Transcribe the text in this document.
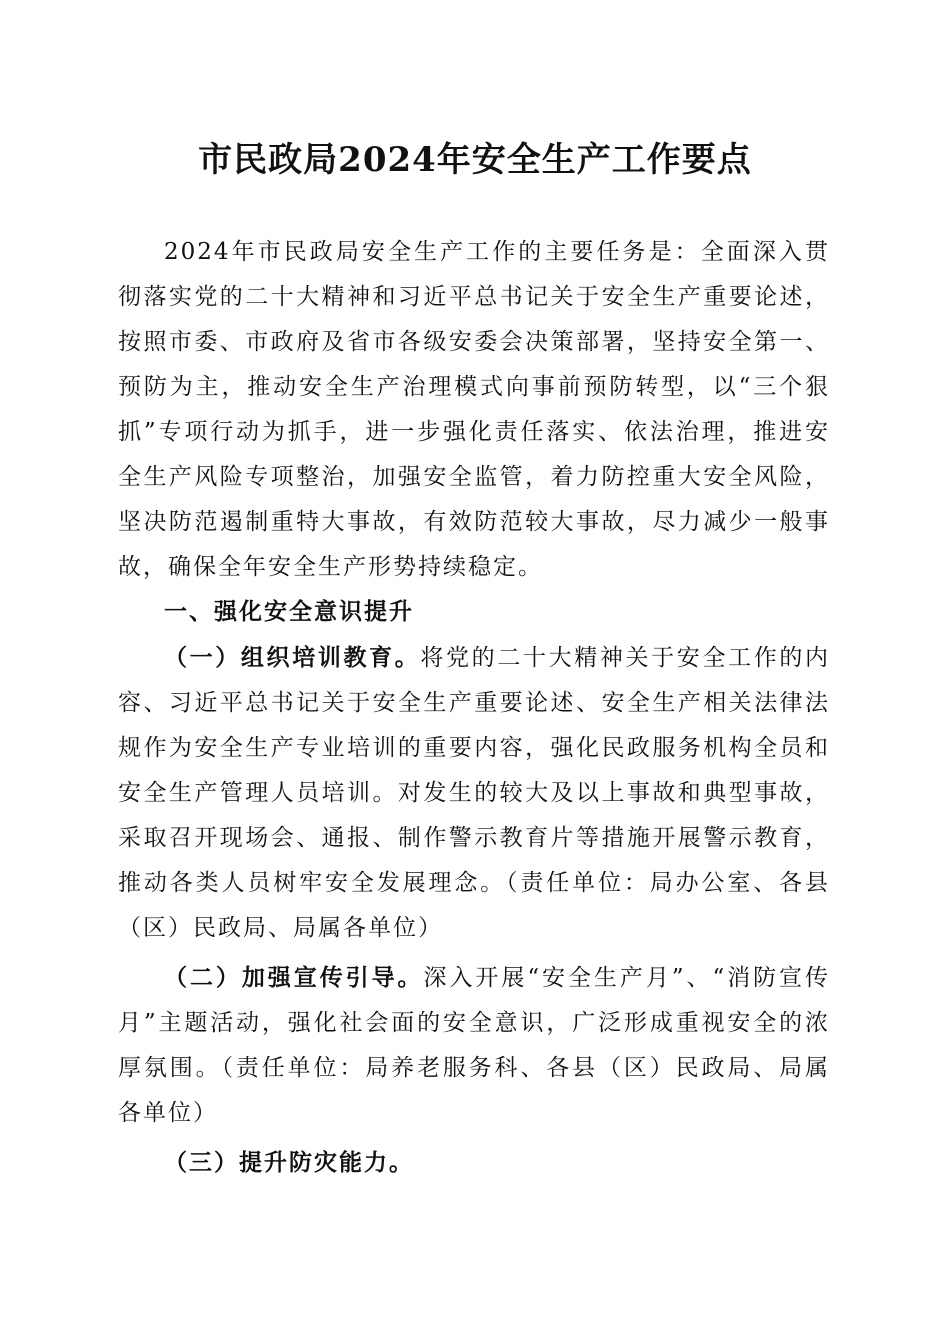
市民政局2024年安全生产工作要点

2024年市民政局安全生产工作的主要任务是：全面深入贯彻落实党的二十大精神和习近平总书记关于安全生产重要论述，按照市委、市政府及省市各级安委会决策部署，坚持安全第一、预防为主，推动安全生产治理模式向事前预防转型，以“三个狠抓”专项行动为抓手，进一步强化责任落实、依法治理，推进安全生产风险专项整治，加强安全监管，着力防控重大安全风险，坚决防范遏制重特大事故，有效防范较大事故，尽力减少一般事故，确保全年安全生产形势持续稳定。

一、强化安全意识提升

（一）组织培训教育。将党的二十大精神关于安全工作的内容、习近平总书记关于安全生产重要论述、安全生产相关法律法规作为安全生产专业培训的重要内容，强化民政服务机构全员和安全生产管理人员培训。对发生的较大及以上事故和典型事故，采取召开现场会、通报、制作警示教育片等措施开展警示教育，推动各类人员树牢安全发展理念。（责任单位：局办公室、各县（区）民政局、局属各单位）

（二）加强宣传引导。深入开展“安全生产月”、“消防宣传月”主题活动，强化社会面的安全意识，广泛形成重视安全的浓厚氛围。（责任单位：局养老服务科、各县（区）民政局、局属各单位）

（三）提升防灾能力。
